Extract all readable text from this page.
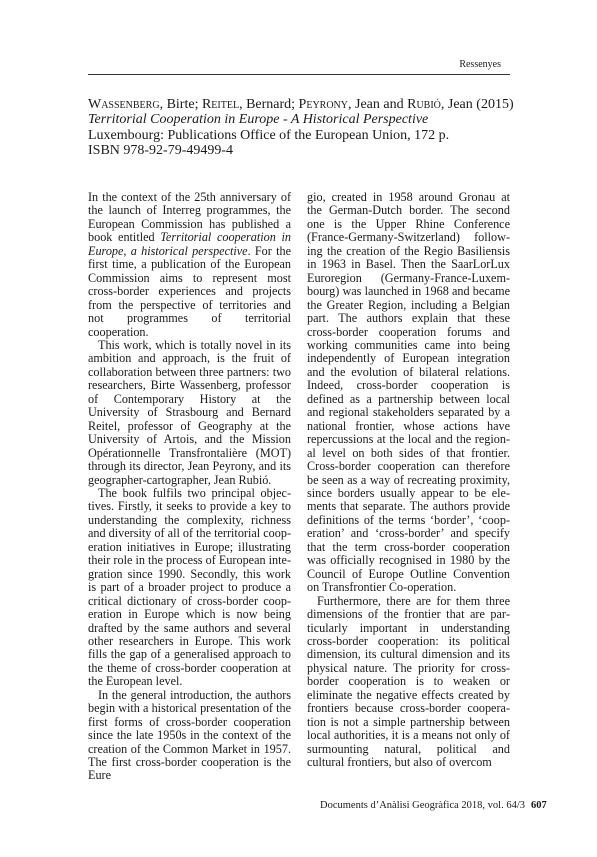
Ressenyes
Wassenberg, Birte; Reitel, Bernard; Peyrony, Jean and Rubió, Jean (2015)
Territorial Cooperation in Europe - A Historical Perspective
Luxembourg: Publications Office of the European Union, 172 p.
ISBN 978-92-79-49499-4

In the context of the 25th anniversary of the launch of Interreg programmes, the European Commission has published a book entitled Territorial cooperation in Europe, a historical perspective. For the first time, a publication of the European Commission aims to represent most cross-border experiences and projects from the perspective of territories and not programmes of territorial cooperation.

This work, which is totally novel in its ambition and approach, is the fruit of collaboration between three partners: two researchers, Birte Wassenberg, professor of Contemporary History at the University of Strasbourg and Bernard Reitel, professor of Geography at the University of Artois, and the Mission Opérationnelle Transfrontalière (MOT) through its director, Jean Peyrony, and its geographer-cartographer, Jean Rubió.

The book fulfils two principal objectives. Firstly, it seeks to provide a key to understanding the complexity, richness and diversity of all of the territorial cooperation initiatives in Europe; illustrating their role in the process of European integration since 1990. Secondly, this work is part of a broader project to produce a critical dictionary of cross-border cooperation in Europe which is now being drafted by the same authors and several other researchers in Europe. This work fills the gap of a generalised approach to the theme of cross-border cooperation at the European level.

In the general introduction, the authors begin with a historical presentation of the first forms of cross-border cooperation since the late 1950s in the context of the creation of the Common Market in 1957. The first cross-border cooperation is the Eure

gio, created in 1958 around Gronau at the German-Dutch border. The second one is the Upper Rhine Conference (France-Germany-Switzerland) following the creation of the Regio Basiliensis in 1963 in Basel. Then the SaarLorLux Euroregion (Germany-France-Luxembourg) was launched in 1968 and became the Greater Region, including a Belgian part. The authors explain that these cross-border cooperation forums and working communities came into being independently of European integration and the evolution of bilateral relations. Indeed, cross-border cooperation is defined as a partnership between local and regional stakeholders separated by a national frontier, whose actions have repercussions at the local and the regional level on both sides of that frontier. Cross-border cooperation can therefore be seen as a way of recreating proximity, since borders usually appear to be elements that separate. The authors provide definitions of the terms ‘border’, ‘cooperation’ and ‘cross-border’ and specify that the term cross-border cooperation was officially recognised in 1980 by the Council of Europe Outline Convention on Transfrontier Co-operation.

Furthermore, there are for them three dimensions of the frontier that are particularly important in understanding cross-border cooperation: its political dimension, its cultural dimension and its physical nature. The priority for cross-border cooperation is to weaken or eliminate the negative effects created by frontiers because cross-border cooperation is not a simple partnership between local authorities, it is a means not only of surmounting natural, political and cultural frontiers, but also of overcom

Documents d’Anàlisi Geogràfica 2018, vol. 64/3 607
